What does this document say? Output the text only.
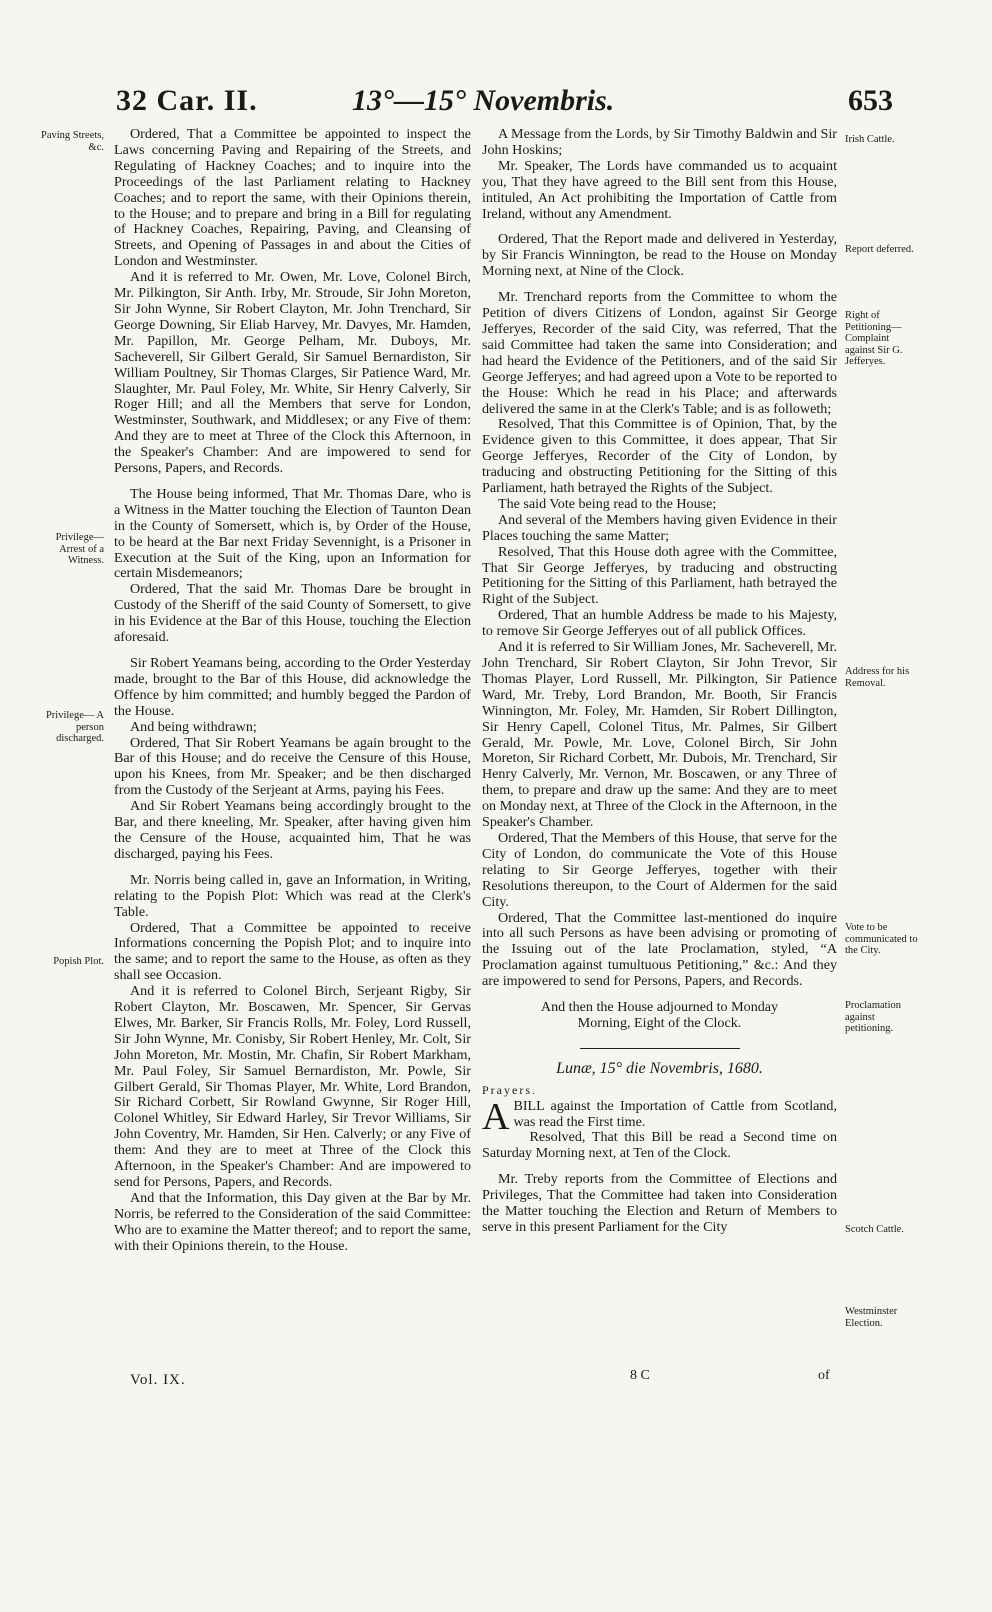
32 Car. II.	13°—15° Novembris.	653
Paving Streets, &c.
Privilege— Arrest of a Witness.
Privilege— A person discharged.
Popish Plot.
Irish Cattle.
Report deferred.
Right of Petitioning— Complaint against Sir G. Jefferyes.
Address for his Removal.
Vote to be communicated to the City.
Proclamation against petitioning.
Scotch Cattle.
Westminster Election.

Ordered, That a Committee be appointed to inspect the Laws concerning Paving and Repairing of the Streets, and Regulating of Hackney Coaches; and to inquire into the Proceedings of the last Parliament relating to Hackney Coaches; and to report the same, with their Opinions therein, to the House; and to prepare and bring in a Bill for regulating of Hackney Coaches, Repairing, Paving, and Cleansing of Streets, and Opening of Passages in and about the Cities of London and Westminster.

And it is referred to Mr. Owen, Mr. Love, Colonel Birch, Mr. Pilkington, Sir Anth. Irby, Mr. Stroude, Sir John Moreton, Sir John Wynne, Sir Robert Clayton, Mr. John Trenchard, Sir George Downing, Sir Eliab Harvey, Mr. Davyes, Mr. Hamden, Mr. Papillon, Mr. George Pelham, Mr. Duboys, Mr. Sacheverell, Sir Gilbert Gerald, Sir Samuel Bernardiston, Sir William Poultney, Sir Thomas Clarges, Sir Patience Ward, Mr. Slaughter, Mr. Paul Foley, Mr. White, Sir Henry Calverly, Sir Roger Hill; and all the Members that serve for London, Westminster, Southwark, and Middlesex; or any Five of them: And they are to meet at Three of the Clock this Afternoon, in the Speaker's Chamber: And are impowered to send for Persons, Papers, and Records.

The House being informed, That Mr. Thomas Dare, who is a Witness in the Matter touching the Election of Taunton Dean in the County of Somersett, which is, by Order of the House, to be heard at the Bar next Friday Sevennight, is a Prisoner in Execution at the Suit of the King, upon an Information for certain Misdemeanors;

Ordered, That the said Mr. Thomas Dare be brought in Custody of the Sheriff of the said County of Somersett, to give in his Evidence at the Bar of this House, touching the Election aforesaid.

Sir Robert Yeamans being, according to the Order Yesterday made, brought to the Bar of this House, did acknowledge the Offence by him committed; and humbly begged the Pardon of the House.

And being withdrawn;

Ordered, That Sir Robert Yeamans be again brought to the Bar of this House; and do receive the Censure of this House, upon his Knees, from Mr. Speaker; and be then discharged from the Custody of the Serjeant at Arms, paying his Fees.

And Sir Robert Yeamans being accordingly brought to the Bar, and there kneeling, Mr. Speaker, after having given him the Censure of the House, acquainted him, That he was discharged, paying his Fees.

Mr. Norris being called in, gave an Information, in Writing, relating to the Popish Plot: Which was read at the Clerk's Table.

Ordered, That a Committee be appointed to receive Informations concerning the Popish Plot; and to inquire into the same; and to report the same to the House, as often as they shall see Occasion.

And it is referred to Colonel Birch, Serjeant Rigby, Sir Robert Clayton, Mr. Boscawen, Mr. Spencer, Sir Gervas Elwes, Mr. Barker, Sir Francis Rolls, Mr. Foley, Lord Russell, Sir John Wynne, Mr. Conisby, Sir Robert Henley, Mr. Colt, Sir John Moreton, Mr. Mostin, Mr. Chafin, Sir Robert Markham, Mr. Paul Foley, Sir Samuel Bernardiston, Mr. Powle, Sir Gilbert Gerald, Sir Thomas Player, Mr. White, Lord Brandon, Sir Richard Corbett, Sir Rowland Gwynne, Sir Roger Hill, Colonel Whitley, Sir Edward Harley, Sir Trevor Williams, Sir John Coventry, Mr. Hamden, Sir Hen. Calverly; or any Five of them: And they are to meet at Three of the Clock this Afternoon, in the Speaker's Chamber: And are impowered to send for Persons, Papers, and Records.

And that the Information, this Day given at the Bar by Mr. Norris, be referred to the Consideration of the said Committee: Who are to examine the Matter thereof; and to report the same, with their Opinions therein, to the House.

A Message from the Lords, by Sir Timothy Baldwin and Sir John Hoskins;

Mr. Speaker, The Lords have commanded us to acquaint you, That they have agreed to the Bill sent from this House, intituled, An Act prohibiting the Importation of Cattle from Ireland, without any Amendment.

Ordered, That the Report made and delivered in Yesterday, by Sir Francis Winnington, be read to the House on Monday Morning next, at Nine of the Clock.

Mr. Trenchard reports from the Committee to whom the Petition of divers Citizens of London, against Sir George Jefferyes, Recorder of the said City, was referred, That the said Committee had taken the same into Consideration; and had heard the Evidence of the Petitioners, and of the said Sir George Jefferyes; and had agreed upon a Vote to be reported to the House: Which he read in his Place; and afterwards delivered the same in at the Clerk's Table; and is as followeth;

Resolved, That this Committee is of Opinion, That, by the Evidence given to this Committee, it does appear, That Sir George Jefferyes, Recorder of the City of London, by traducing and obstructing Petitioning for the Sitting of this Parliament, hath betrayed the Rights of the Subject.

The said Vote being read to the House;

And several of the Members having given Evidence in their Places touching the same Matter;

Resolved, That this House doth agree with the Committee, That Sir George Jefferyes, by traducing and obstructing Petitioning for the Sitting of this Parliament, hath betrayed the Right of the Subject.

Ordered, That an humble Address be made to his Majesty, to remove Sir George Jefferyes out of all publick Offices.

And it is referred to Sir William Jones, Mr. Sacheverell, Mr. John Trenchard, Sir Robert Clayton, Sir John Trevor, Sir Thomas Player, Lord Russell, Mr. Pilkington, Sir Patience Ward, Mr. Treby, Lord Brandon, Mr. Booth, Sir Francis Winnington, Mr. Foley, Mr. Hamden, Sir Robert Dillington, Sir Henry Capell, Colonel Titus, Mr. Palmes, Sir Gilbert Gerald, Mr. Powle, Mr. Love, Colonel Birch, Sir John Moreton, Sir Richard Corbett, Mr. Dubois, Mr. Trenchard, Sir Henry Calverly, Mr. Vernon, Mr. Boscawen, or any Three of them, to prepare and draw up the same: And they are to meet on Monday next, at Three of the Clock in the Afternoon, in the Speaker's Chamber.

Ordered, That the Members of this House, that serve for the City of London, do communicate the Vote of this House relating to Sir George Jefferyes, together with their Resolutions thereupon, to the Court of Aldermen for the said City.

Ordered, That the Committee last-mentioned do inquire into all such Persons as have been advising or promoting of the Issuing out of the late Proclamation, styled, “A Proclamation against tumultuous Petitioning,” &c.: And they are impowered to send for Persons, Papers, and Records.

And then the House adjourned to Monday

Morning, Eight of the Clock.

Lunæ, 15° die Novembris, 1680.

Prayers.

ABILL against the Importation of Cattle from Scotland, was read the First time.

Resolved, That this Bill be read a Second time on Saturday Morning next, at Ten of the Clock.

Mr. Treby reports from the Committee of Elections and Privileges, That the Committee had taken into Consideration the Matter touching the Election and Return of Members to serve in this present Parliament for the City

Vol. IX.	8 C	of
